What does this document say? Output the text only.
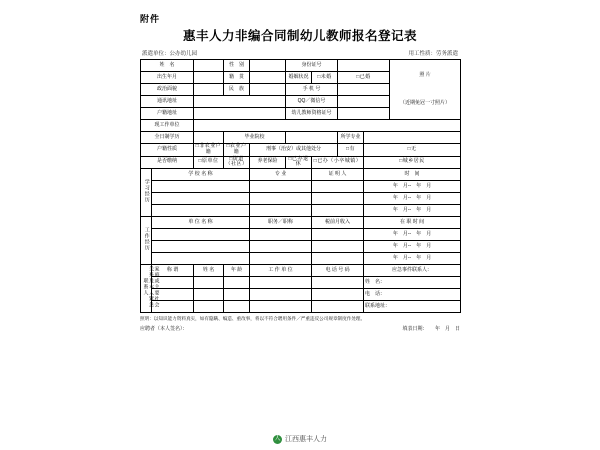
附件
惠丰人力非编合同制幼儿教师报名登记表
派遣单位：公办幼儿园	用工性质：劳务派遣
姓　名			性　别		身份证号				照 片
（近期免冠一寸照片）

出生年月			籍　贯		婚姻状况	□未婚	□已婚		
政治面貌			民　族		手 机 号				
通讯地址					QQ／微信号				
户籍地址					幼儿教师资格证号				
现工作单位									
全日制学历			毕业院校				所学专业		
户籍性质		□非农业户籍	□农业户籍	刑事（治安）或其他处分			□有	□无	
是否缴纳		□原单位	□街道（社区）	养老保险	□已办退休	□已办（小卒城镇）		□城乡居民	
学习经历	学 校 名 称			专 业		证 明 人		时　间	
								年　月--　年　月	
								年　月--　年　月	
								年　月--　年　月	
工作经历	单 位 名 称			职务／职称		税前月收入		在 职 时 间	
								年　月--　年　月	
								年　月--　年　月	
								年　月--　年　月	
家庭或主要社会关系及本人紧急联系人	称 谓	姓 名	年 龄	工 作 单 位		电 话 号 码		应急事件联系人：	
								姓　名：	
								电　话：	
								联系地址：	
照明：以知识能力资料真实，如有隐瞒、编造、重改事，将以不符合聘用条件／严重违反公司规章制度作处理。
应聘者（本人签名）：	填表日期：　　年　月　日
人 江西惠丰人力
